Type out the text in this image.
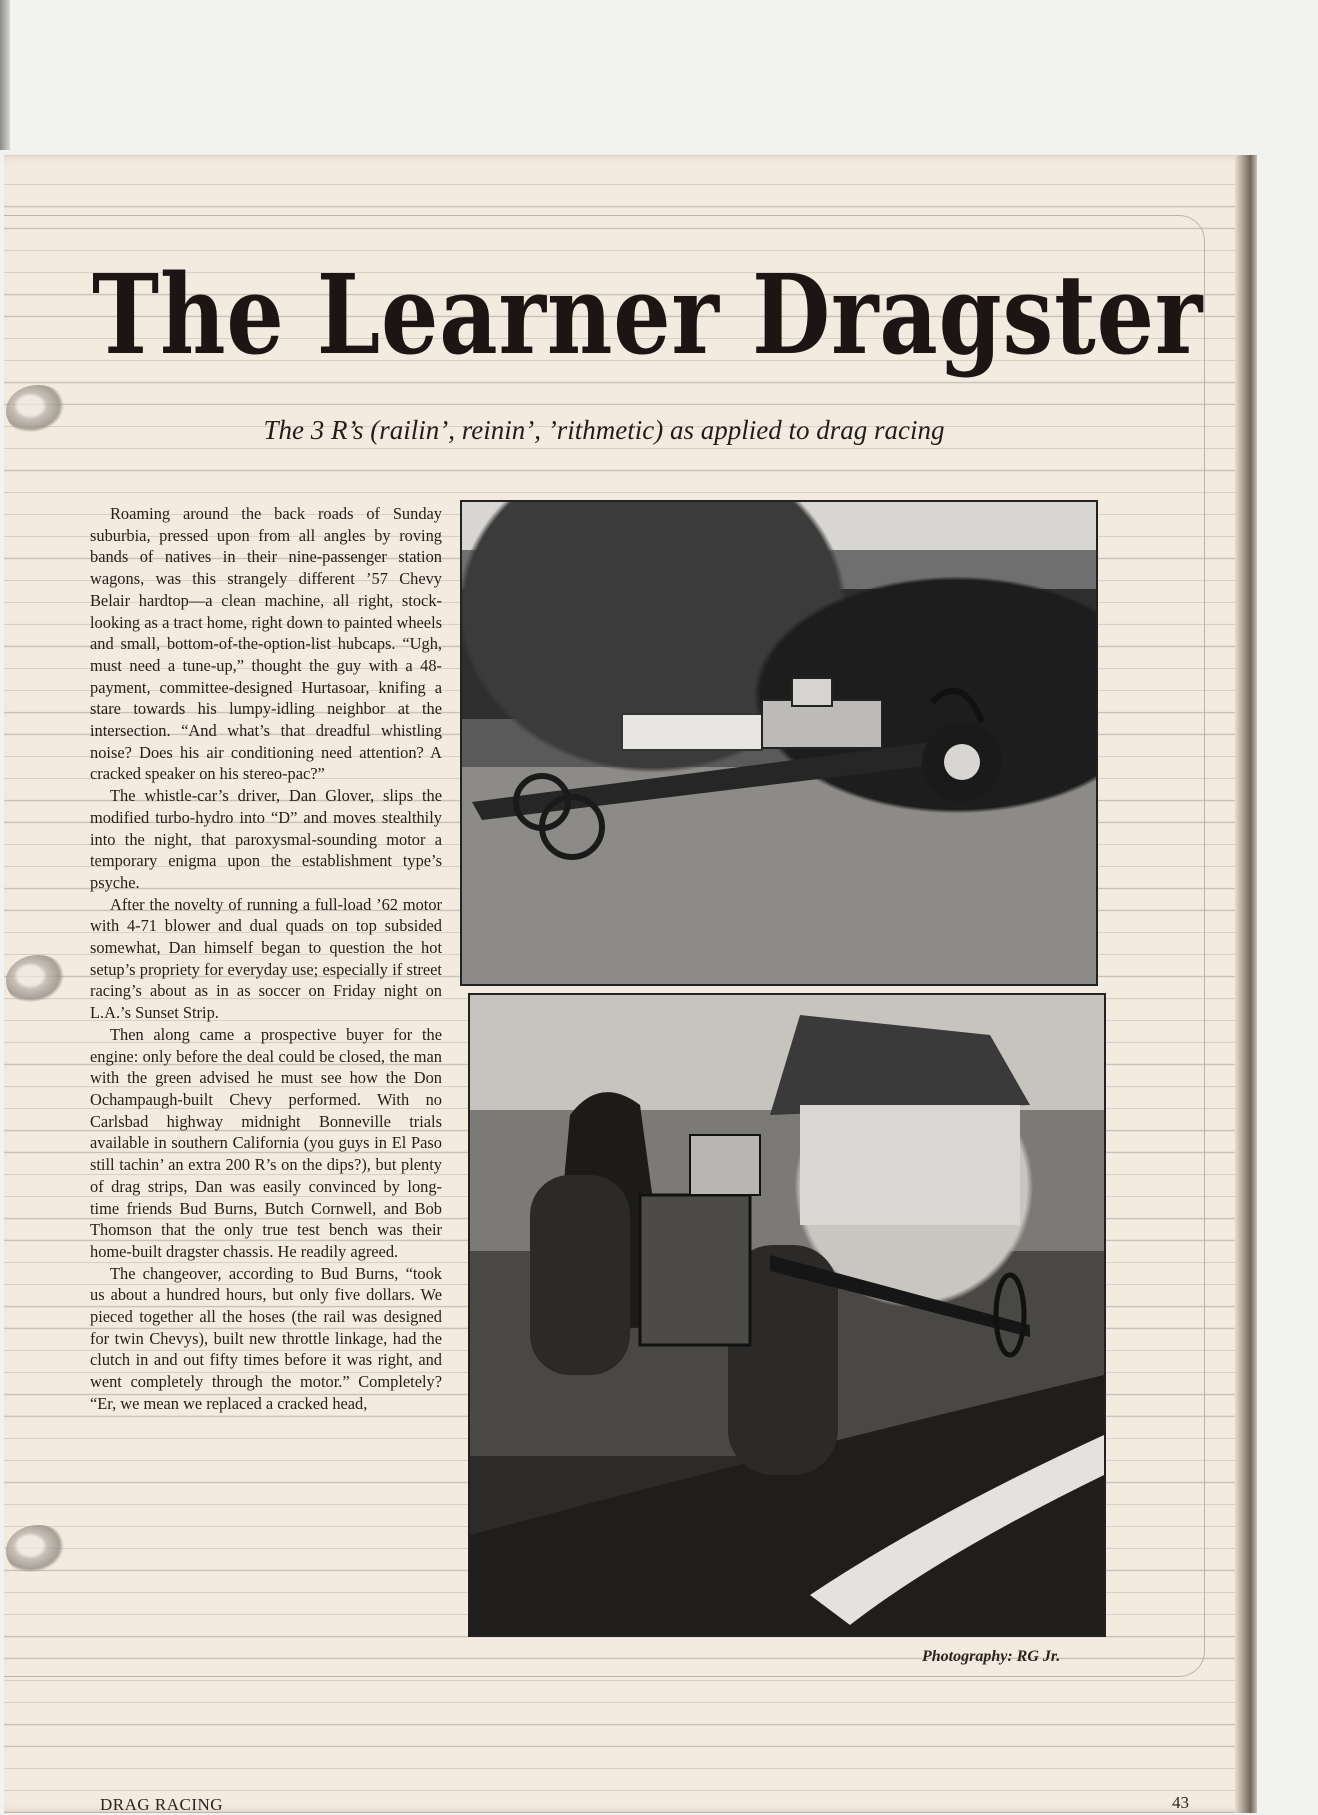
The Learner Dragster

The 3 R’s (railin’, reinin’, ’rithmetic) as applied to drag racing

Roaming around the back roads of Sunday suburbia, pressed upon from all angles by roving bands of natives in their nine-passenger station wagons, was this strangely different ’57 Chevy Belair hardtop—a clean machine, all right, stock-looking as a tract home, right down to painted wheels and small, bottom-of-the-option-list hubcaps. “Ugh, must need a tune-up,” thought the guy with a 48-payment, committee-designed Hurtasoar, knifing a stare towards his lumpy-idling neighbor at the intersection. “And what’s that dreadful whistling noise? Does his air conditioning need attention? A cracked speaker on his stereo-pac?”

The whistle-car’s driver, Dan Glover, slips the modified turbo-hydro into “D” and moves stealthily into the night, that paroxysmal-sounding motor a temporary enigma upon the establishment type’s psyche.

After the novelty of running a full-load ’62 motor with 4-71 blower and dual quads on top subsided somewhat, Dan himself began to question the hot setup’s propriety for everyday use; especially if street racing’s about as in as soccer on Friday night on L.A.’s Sunset Strip.

Then along came a prospective buyer for the engine: only before the deal could be closed, the man with the green advised he must see how the Don Ochampaugh-built Chevy performed. With no Carlsbad highway midnight Bonneville trials available in southern California (you guys in El Paso still tachin’ an extra 200 R’s on the dips?), but plenty of drag strips, Dan was easily convinced by long-time friends Bud Burns, Butch Cornwell, and Bob Thomson that the only true test bench was their home-built dragster chassis. He readily agreed.

The changeover, according to Bud Burns, “took us about a hundred hours, but only five dollars. We pieced together all the hoses (the rail was designed for twin Chevys), built new throttle linkage, had the clutch in and out fifty times before it was right, and went completely through the motor.” Completely? “Er, we mean we replaced a cracked head,

Photography: RG Jr.
DRAG RACING	43
